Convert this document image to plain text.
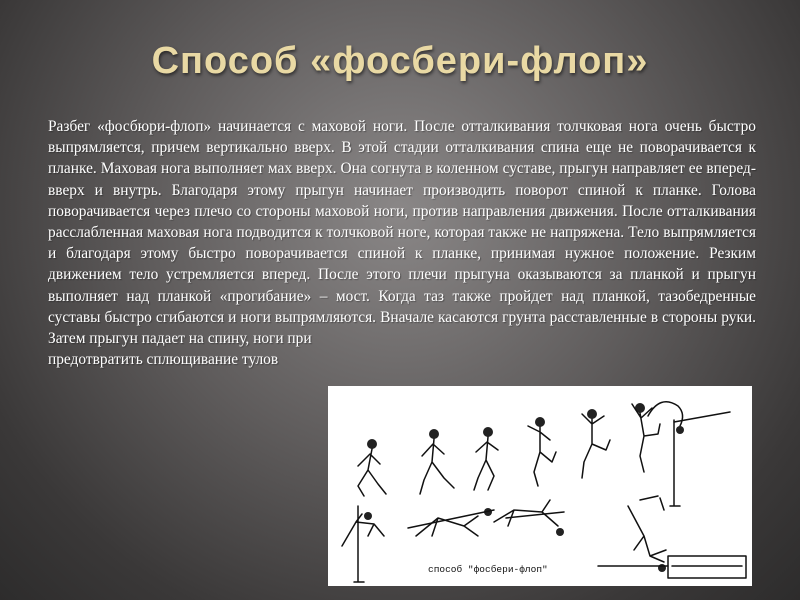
Способ «фосбери-флоп»
Разбег «фосбюри-флоп» начинается с маховой ноги. После отталкивания толчковая нога очень быстро выпрямляется, причем вертикально вверх. В этой стадии отталкивания спина еще не поворачивается к планке. Маховая нога выполняет мах вверх. Она согнута в коленном суставе, прыгун направляет ее вперед-вверх и внутрь. Благодаря этому прыгун начинает производить поворот спиной к планке. Голова поворачивается через плечо со стороны маховой ноги, против направления движения. После отталкивания расслабленная маховая нога подводится к толчковой ноге, которая также не напряжена. Тело выпрямляется и благодаря этому быстро поворачивается спиной к планке, принимая нужное положение. Резким движением тело устремляется вперед. После этого плечи прыгуна оказываются за планкой и прыгун выполняет над планкой «прогибание» – мост. Когда таз также пройдет над планкой, тазобедренные суставы быстро сгибаются и ноги выпрямляются. Вначале касаются грунта расставленные в стороны руки. Затем прыгун падает на спину, ноги при
предотвратить сплющивание тулов
способ "фосбери-флоп"
